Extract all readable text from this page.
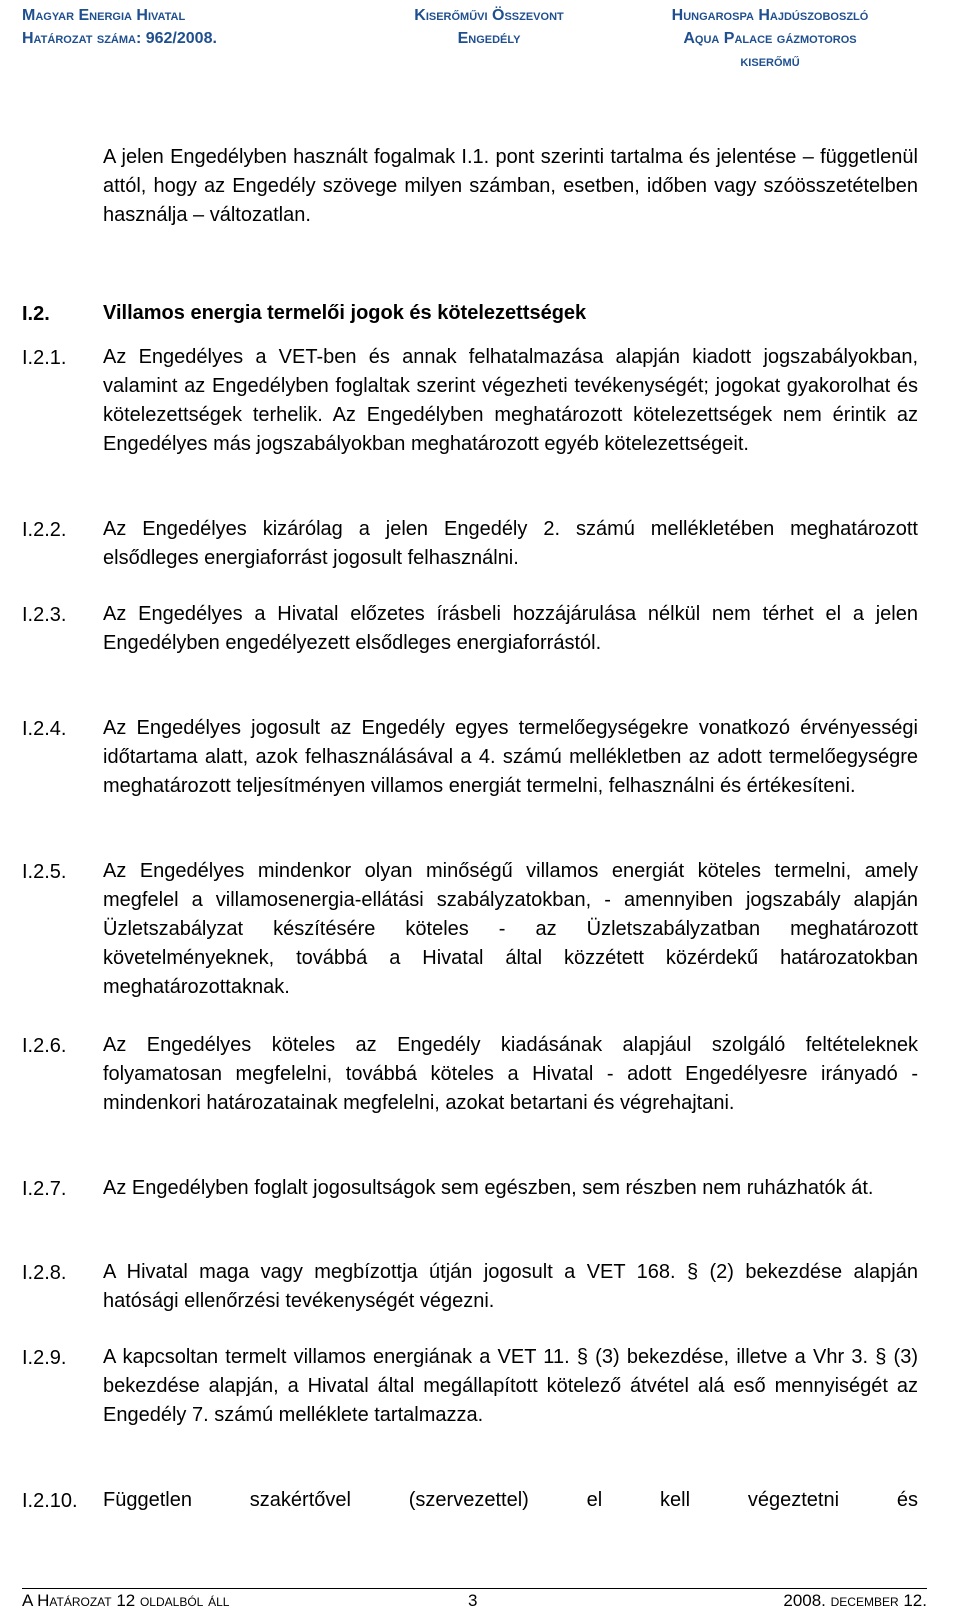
Magyar Energia Hivatal
Határozat száma: 962/2008.
Kiserőművi Összevont
Engedély
Hungarospa Hajdúszoboszló
Aqua Palace gázmotoros
kiserőmű
A jelen Engedélyben használt fogalmak I.1. pont szerinti tartalma és jelentése – függetlenül attól, hogy az Engedély szövege milyen számban, esetben, időben vagy szóösszetételben használja – változatlan.
I.2.	Villamos energia termelői jogok és kötelezettségek
I.2.1. Az Engedélyes a VET-ben és annak felhatalmazása alapján kiadott jogszabályokban, valamint az Engedélyben foglaltak szerint végezheti tevékenységét; jogokat gyakorolhat és kötelezettségek terhelik. Az Engedélyben meghatározott kötelezettségek nem érintik az Engedélyes más jogszabályokban meghatározott egyéb kötelezettségeit.
I.2.2. Az Engedélyes kizárólag a jelen Engedély 2. számú mellékletében meghatározott elsődleges energiaforrást jogosult felhasználni.
I.2.3. Az Engedélyes a Hivatal előzetes írásbeli hozzájárulása nélkül nem térhet el a jelen Engedélyben engedélyezett elsődleges energiaforrástól.
I.2.4. Az Engedélyes jogosult az Engedély egyes termelőegységekre vonatkozó érvényességi időtartama alatt, azok felhasználásával a 4. számú mellékletben az adott termelőegységre meghatározott teljesítményen villamos energiát termelni, felhasználni és értékesíteni.
I.2.5. Az Engedélyes mindenkor olyan minőségű villamos energiát köteles termelni, amely megfelel a villamosenergia-ellátási szabályzatokban, - amennyiben jogszabály alapján Üzletszabályzat készítésére köteles - az Üzletszabályzatban meghatározott követelményeknek, továbbá a Hivatal által közzétett közérdekű határozatokban meghatározottaknak.
I.2.6. Az Engedélyes köteles az Engedély kiadásának alapjául szolgáló feltételeknek folyamatosan megfelelni, továbbá köteles a Hivatal - adott Engedélyesre irányadó - mindenkori határozatainak megfelelni, azokat betartani és végrehajtani.
I.2.7. Az Engedélyben foglalt jogosultságok sem egészben, sem részben nem ruházhatók át.
I.2.8. A Hivatal maga vagy megbízottja útján jogosult a VET 168. § (2) bekezdése alapján hatósági ellenőrzési tevékenységét végezni.
I.2.9. A kapcsoltan termelt villamos energiának a VET 11. § (3) bekezdése, illetve a Vhr 3. § (3) bekezdése alapján, a Hivatal által megállapított kötelező átvétel alá eső mennyiségét az Engedély 7. számú melléklete tartalmazza.
I.2.10. Független szakértővel (szervezettel) el kell végeztetni és
A Határozat 12 oldalból áll	3	2008. december 12.
